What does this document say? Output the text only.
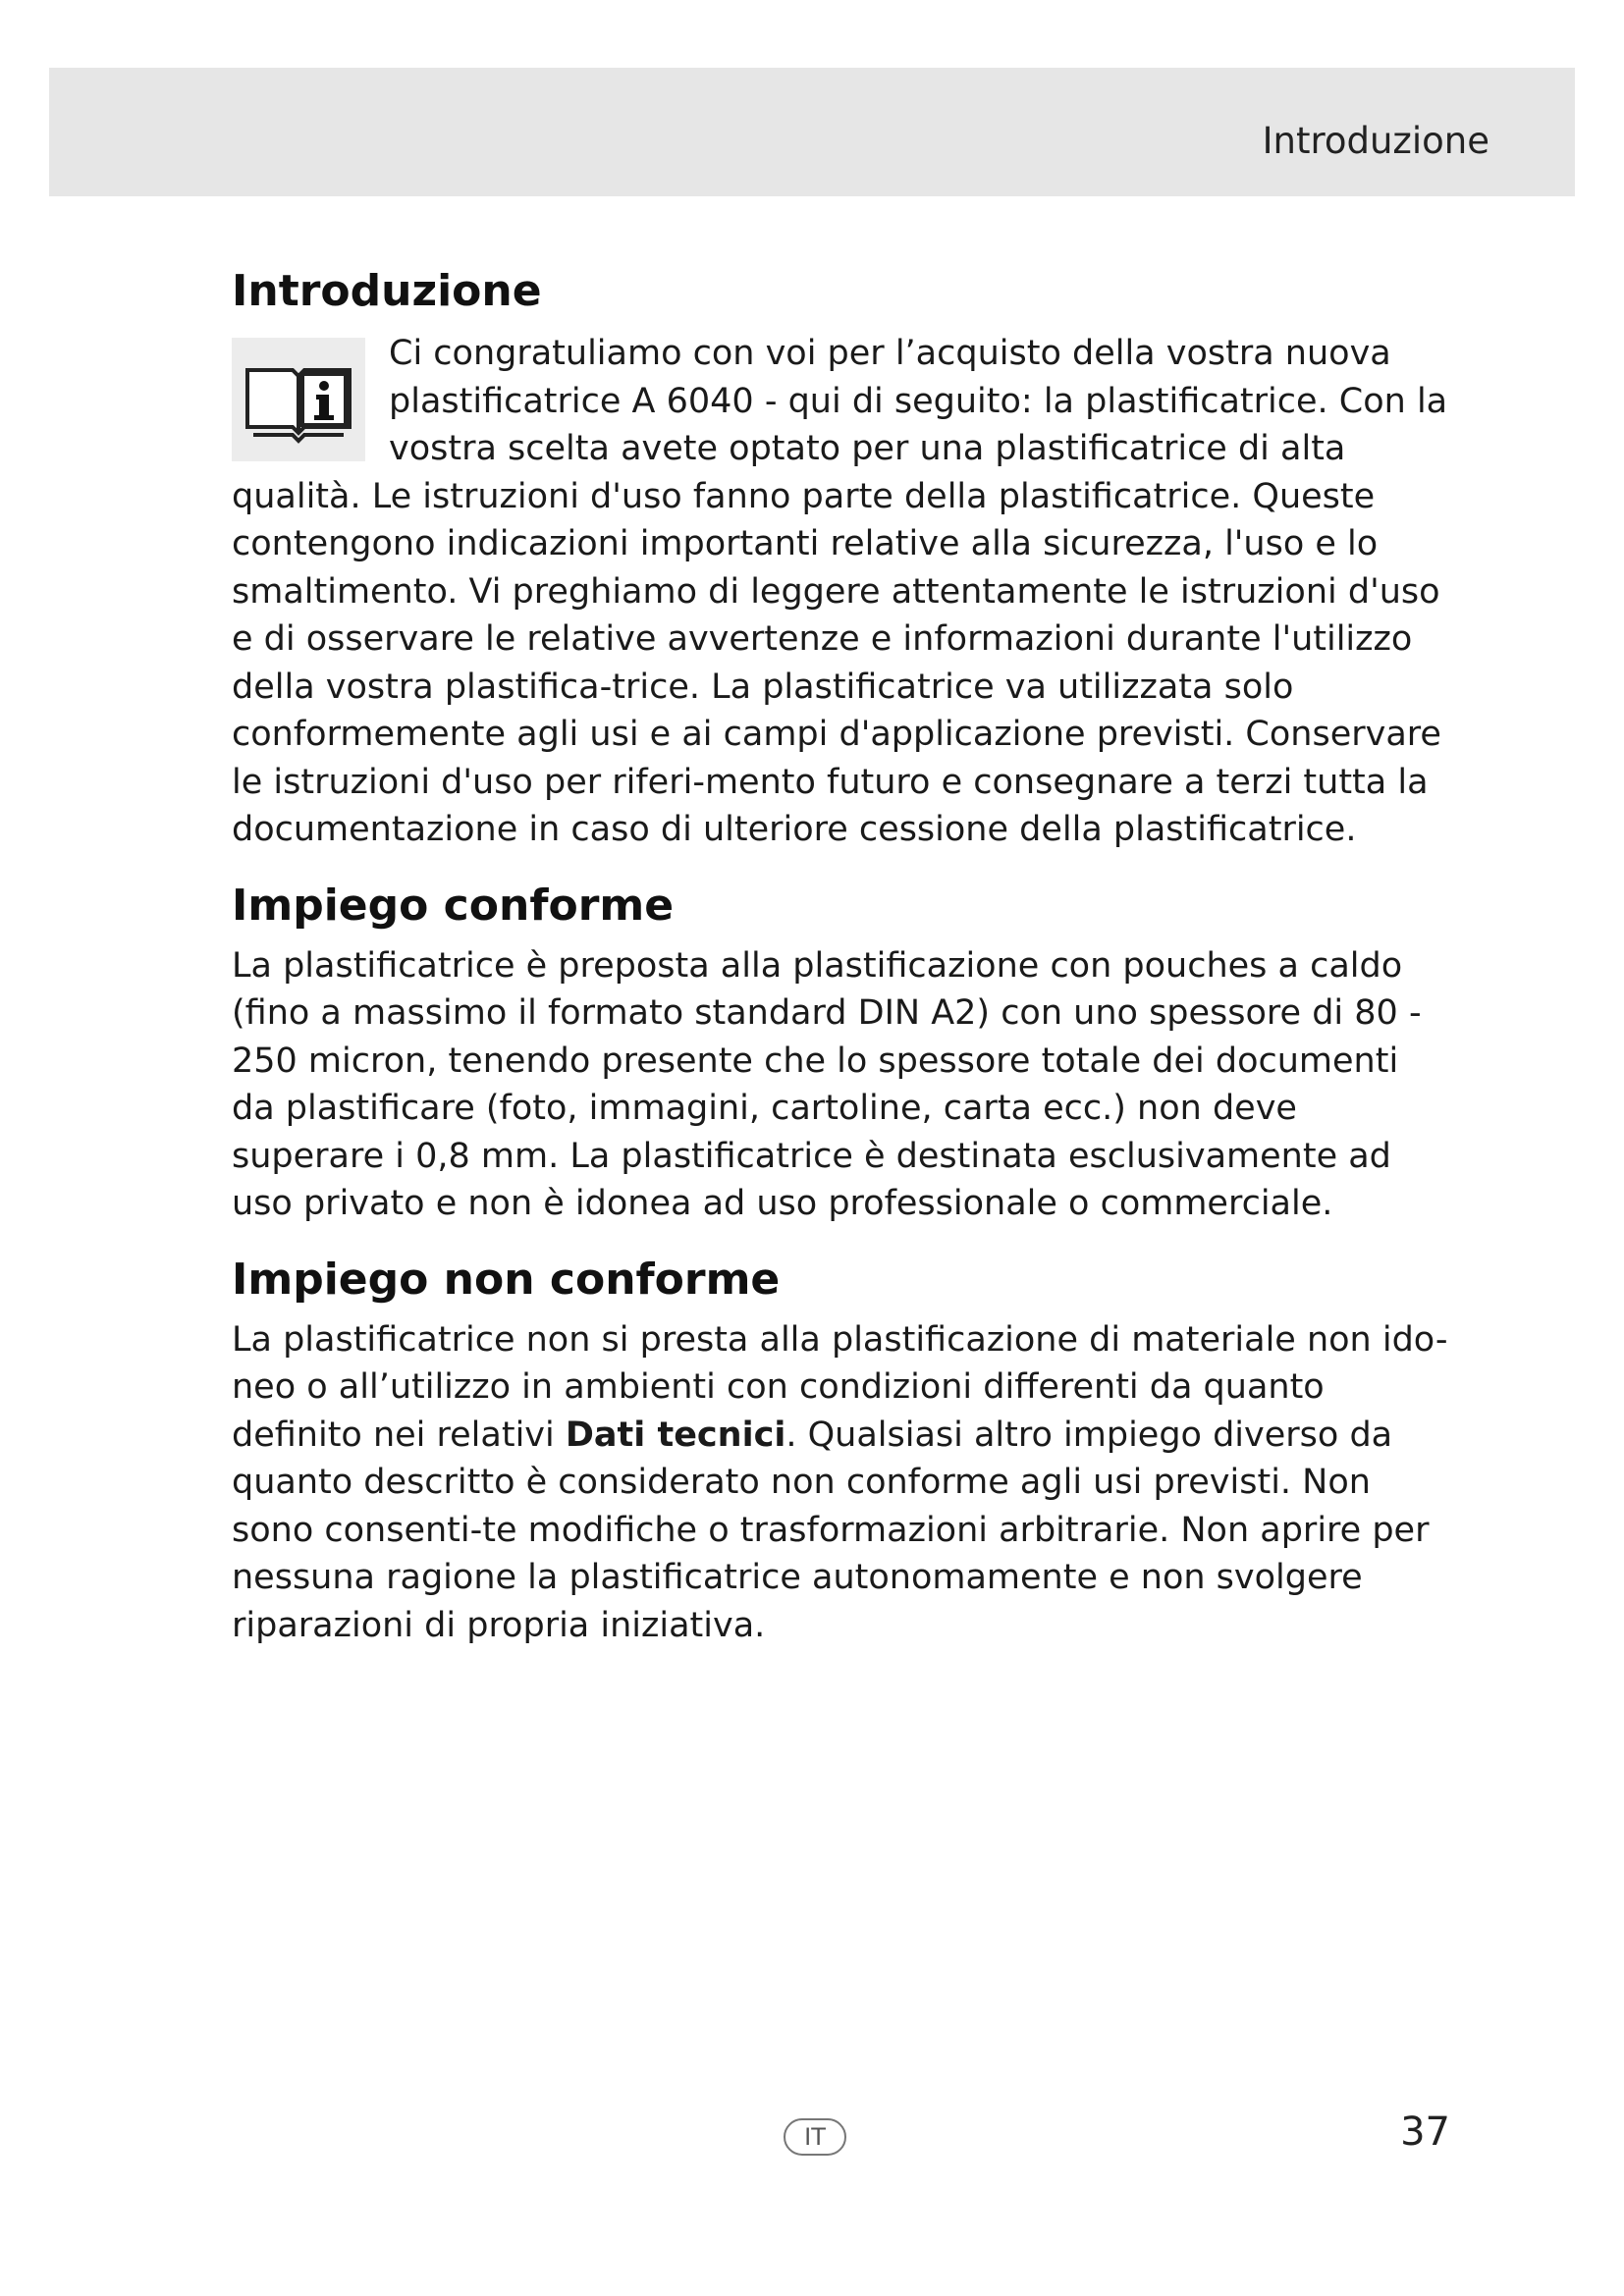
Introduzione
Introduzione

Ci congratuliamo con voi per l’acquisto della vostra nuova plastificatrice A 6040 - qui di seguito: la plastificatrice. Con la vostra scelta avete optato per una plastificatrice di alta qualità. Le istruzioni d'uso fanno parte della plastificatrice. Queste contengono indicazioni importanti relative alla sicurezza, l'uso e lo smaltimento. Vi preghiamo di leggere attentamente le istruzioni d'uso e di osservare le relative avvertenze e informazioni durante l'utilizzo della vostra plastifica-trice. La plastificatrice va utilizzata solo conformemente agli usi e ai campi d'applicazione previsti. Conservare le istruzioni d'uso per riferi-mento futuro e consegnare a terzi tutta la documentazione in caso di ulteriore cessione della plastificatrice.

Impiego conforme

La plastificatrice è preposta alla plastificazione con pouches a caldo (fino a massimo il formato standard DIN A2) con uno spessore di 80 - 250 micron, tenendo presente che lo spessore totale dei documenti da plastificare (foto, immagini, cartoline, carta ecc.) non deve superare i 0,8 mm. La plastificatrice è destinata esclusivamente ad uso privato e non è idonea ad uso professionale o commerciale.

Impiego non conforme

La plastificatrice non si presta alla plastificazione di materiale non ido-neo o all’utilizzo in ambienti con condizioni differenti da quanto definito nei relativi Dati tecnici. Qualsiasi altro impiego diverso da quanto descritto è considerato non conforme agli usi previsti. Non sono consenti-te modifiche o trasformazioni arbitrarie. Non aprire per nessuna ragione la plastificatrice autonomamente e non svolgere riparazioni di propria iniziativa.

IT	37
